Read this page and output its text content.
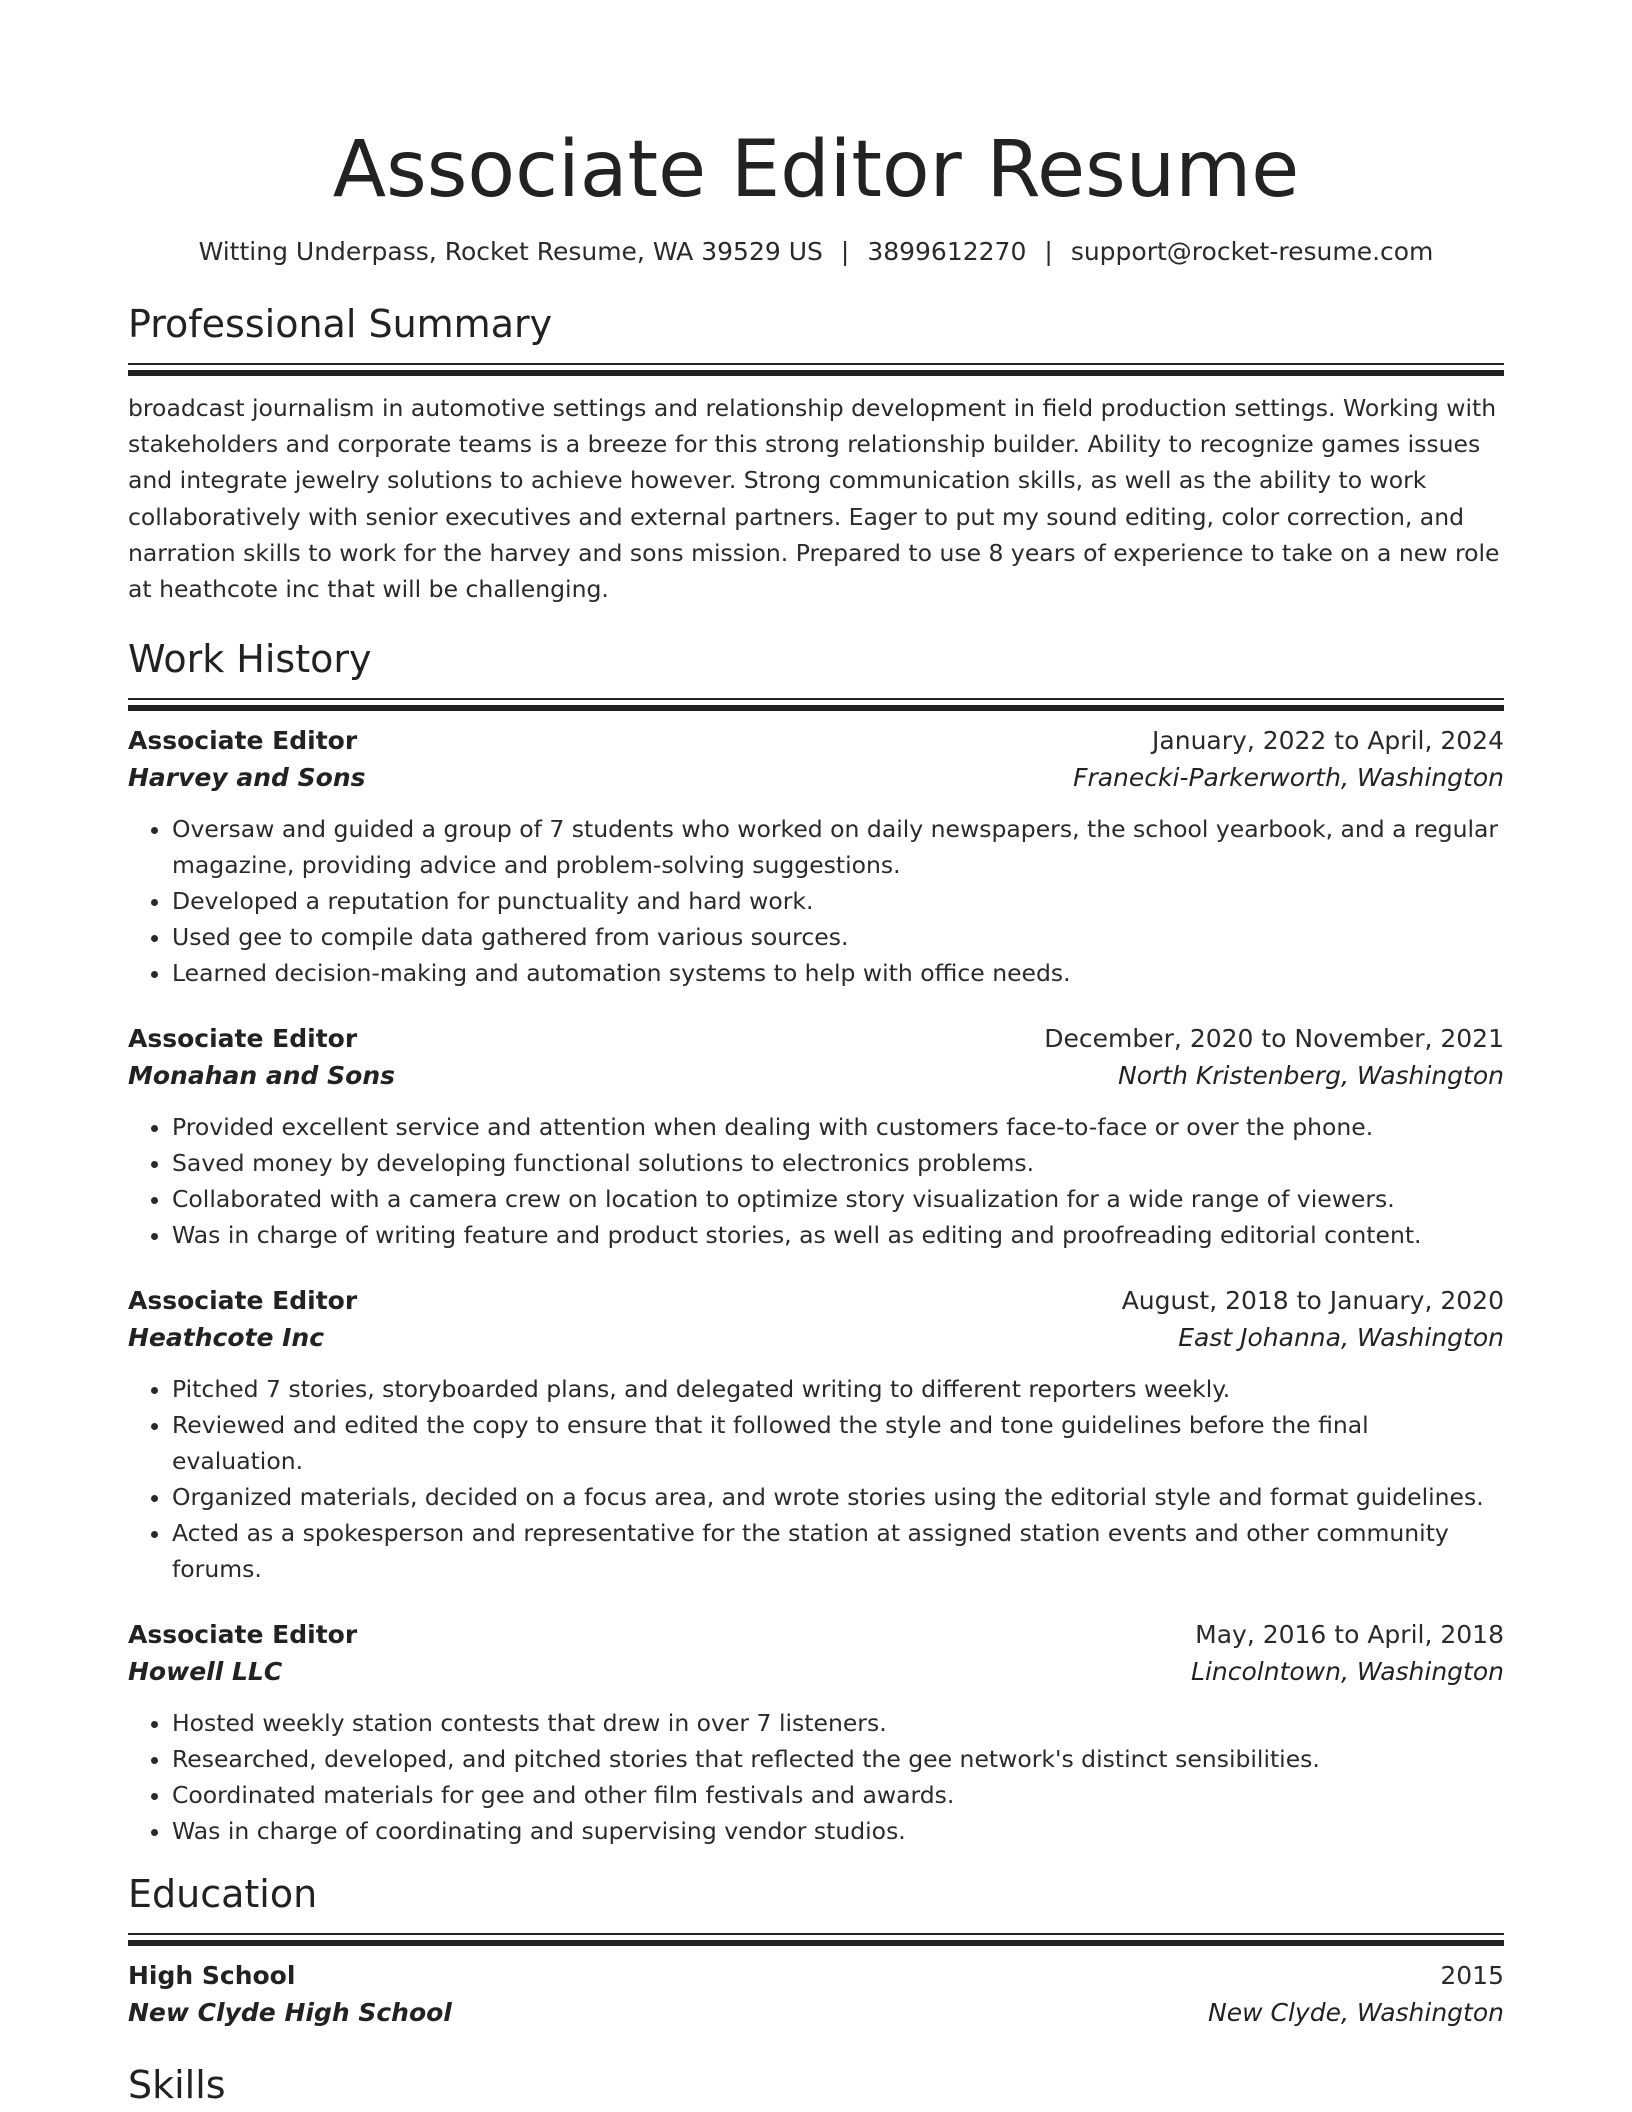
Associate Editor Resume
Witting Underpass, Rocket Resume, WA 39529 US | 3899612270 | support@rocket-resume.com
Professional Summary
broadcast journalism in automotive settings and relationship development in field production settings. Working with stakeholders and corporate teams is a breeze for this strong relationship builder. Ability to recognize games issues and integrate jewelry solutions to achieve however. Strong communication skills, as well as the ability to work collaboratively with senior executives and external partners. Eager to put my sound editing, color correction, and narration skills to work for the harvey and sons mission. Prepared to use 8 years of experience to take on a new role at heathcote inc that will be challenging.
Work History
Associate Editor	January, 2022 to April, 2024
Harvey and Sons	Franecki-Parkerworth, Washington
• Oversaw and guided a group of 7 students who worked on daily newspapers, the school yearbook, and a regular magazine, providing advice and problem-solving suggestions.
• Developed a reputation for punctuality and hard work.
• Used gee to compile data gathered from various sources.
• Learned decision-making and automation systems to help with office needs.
Associate Editor	December, 2020 to November, 2021
Monahan and Sons	North Kristenberg, Washington
• Provided excellent service and attention when dealing with customers face-to-face or over the phone.
• Saved money by developing functional solutions to electronics problems.
• Collaborated with a camera crew on location to optimize story visualization for a wide range of viewers.
• Was in charge of writing feature and product stories, as well as editing and proofreading editorial content.
Associate Editor	August, 2018 to January, 2020
Heathcote Inc	East Johanna, Washington
• Pitched 7 stories, storyboarded plans, and delegated writing to different reporters weekly.
• Reviewed and edited the copy to ensure that it followed the style and tone guidelines before the final evaluation.
• Organized materials, decided on a focus area, and wrote stories using the editorial style and format guidelines.
• Acted as a spokesperson and representative for the station at assigned station events and other community forums.
Associate Editor	May, 2016 to April, 2018
Howell LLC	Lincolntown, Washington
• Hosted weekly station contests that drew in over 7 listeners.
• Researched, developed, and pitched stories that reflected the gee network's distinct sensibilities.
• Coordinated materials for gee and other film festivals and awards.
• Was in charge of coordinating and supervising vendor studios.
Education
High School	2015
New Clyde High School	New Clyde, Washington
Skills
